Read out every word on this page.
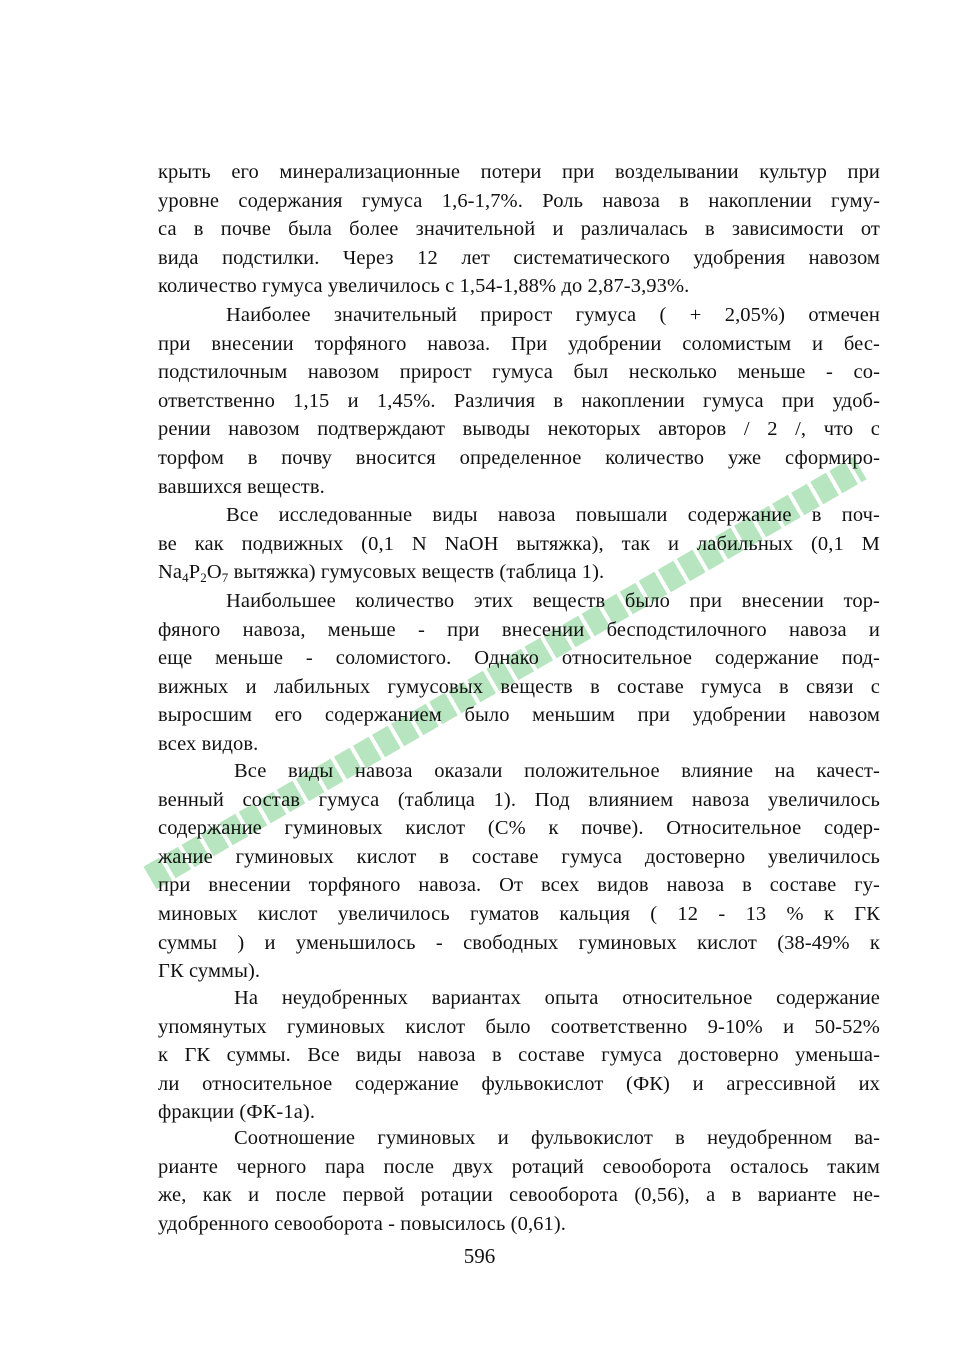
крыть его минерализационные потери при возделывании культур при
уровне содержания гумуса 1,6-1,7%. Роль навоза в накоплении гуму-
са в почве была более значительной и различалась в зависимости от
вида подстилки. Через 12 лет систематического удобрения навозом
количество гумуса увеличилось с 1,54-1,88% до 2,87-3,93%.
Наиболее значительный прирост гумуса ( + 2,05%) отмечен
при внесении торфяного навоза. При удобрении соломистым и бес-
подстилочным навозом прирост гумуса был несколько меньше - со-
ответственно 1,15 и 1,45%. Различия в накоплении гумуса при удоб-
рении навозом подтверждают выводы некоторых авторов / 2 /, что с
торфом в почву вносится определенное количество уже сформиро-
вавшихся веществ.
Все исследованные виды навоза повышали содержание в поч-
ве как подвижных (0,1 N NaOH вытяжка), так и лабильных (0,1 M
$Na_4P_2O_7$ вытяжка) гумусовых веществ (таблица 1).
Наибольшее количество этих веществ было при внесении тор-
фяного навоза, меньше - при внесении бесподстилочного навоза и
еще меньше - соломистого. Однако относительное содержание под-
вижных и лабильных гумусовых веществ в составе гумуса в связи с
выросшим его содержанием было меньшим при удобрении навозом
всех видов.
Все виды навоза оказали положительное влияние на качест-
венный состав гумуса (таблица 1). Под влиянием навоза увеличилось
содержание гуминовых кислот (С% к почве). Относительное содер-
жание гуминовых кислот в составе гумуса достоверно увеличилось
при внесении торфяного навоза. От всех видов навоза в составе гу-
миновых кислот увеличилось гуматов кальция ( 12 - 13 % к ГК
суммы ) и уменьшилось - свободных гуминовых кислот (38-49% к
ГК суммы).
На неудобренных вариантах опыта относительное содержание
упомянутых гуминовых кислот было соответственно 9-10% и 50-52%
к ГК суммы. Все виды навоза в составе гумуса достоверно уменьша-
ли относительное содержание фульвокислот (ФК) и агрессивной их
фракции (ФК-1а).
Соотношение гуминовых и фульвокислот в неудобренном ва-
рианте черного пара после двух ротаций севооборота осталось таким
же, как и после первой ротации севооборота (0,56), а в варианте не-
удобренного севооборота - повысилось (0,61).
596
